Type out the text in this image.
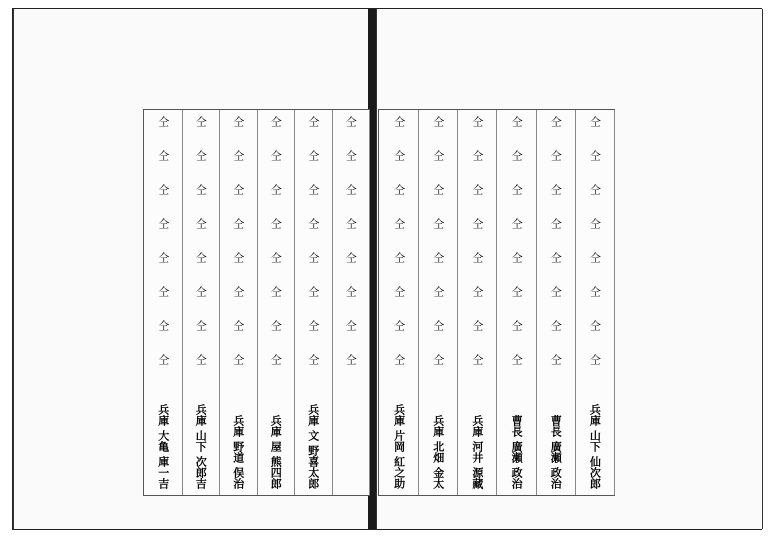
仝
仝
仝
仝
仝
仝
仝
仝
兵庫 大亀 庫一吉
仝
仝
仝
仝
仝
仝
仝
仝
兵庫 山下 次郎吉
仝
仝
仝
仝
仝
仝
仝
仝
兵庫 野道 俣治
仝
仝
仝
仝
仝
仝
仝
仝
兵庫 屋 熊四郎
仝
仝
仝
仝
仝
仝
仝
仝
兵庫 文 野喜太郎
仝
仝
仝
仝
仝
仝
仝
仝
仝
仝
仝
仝
仝
仝
仝
仝
兵庫 片岡 紅之助
仝
仝
仝
仝
仝
仝
仝
仝
兵庫 北畑 金太
仝
仝
仝
仝
仝
仝
仝
仝
兵庫 河井 源藏
仝
仝
仝
仝
仝
仝
仝
仝
曹長 廣瀬 政治
仝
仝
仝
仝
仝
仝
仝
仝
曹長 廣瀬 政治
仝
仝
仝
仝
仝
仝
仝
仝
兵庫 山下 仙次郎
